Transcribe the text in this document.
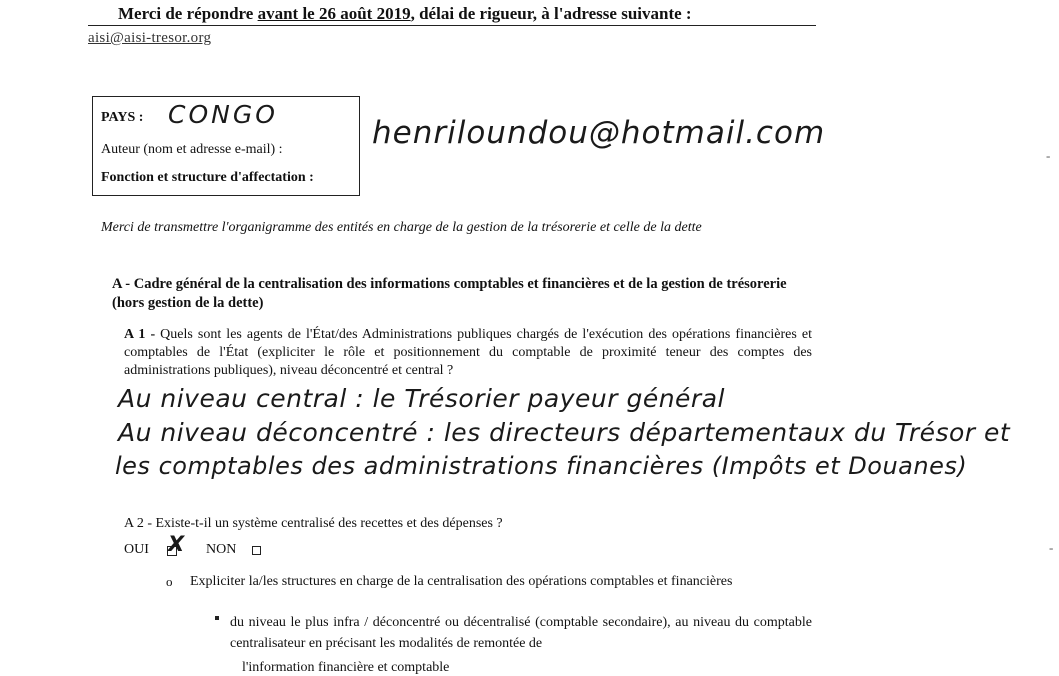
Merci de répondre avant le 26 août 2019, délai de rigueur, à l'adresse suivante :
aisi@aisi-tresor.org
PAYS : CONGO
Auteur (nom et adresse e-mail) :
Fonction et structure d'affectation :
henriloundou@hotmail.com
Merci de transmettre l'organigramme des entités en charge de la gestion de la trésorerie et celle de la dette
A - Cadre général de la centralisation des informations comptables et financières et de la gestion de trésorerie (hors gestion de la dette)
A 1 - Quels sont les agents de l'État/des Administrations publiques chargés de l'exécution des opérations financières et comptables de l'État (expliciter le rôle et positionnement du comptable de proximité teneur des comptes des administrations publiques), niveau déconcentré et central ?
Au niveau central : le Trésorier payeur général
Au niveau déconcentré : les directeurs départementaux du Trésor et
les comptables des administrations financières (Impôts et Douanes)
A 2 - Existe-t-il un système centralisé des recettes et des dépenses ?
OUI X NON
o Expliciter la/les structures en charge de la centralisation des opérations comptables et financières
du niveau le plus infra / déconcentré ou décentralisé (comptable secondaire), au niveau du comptable centralisateur en précisant les modalités de remontée de
l'information financière et comptable
-
-
